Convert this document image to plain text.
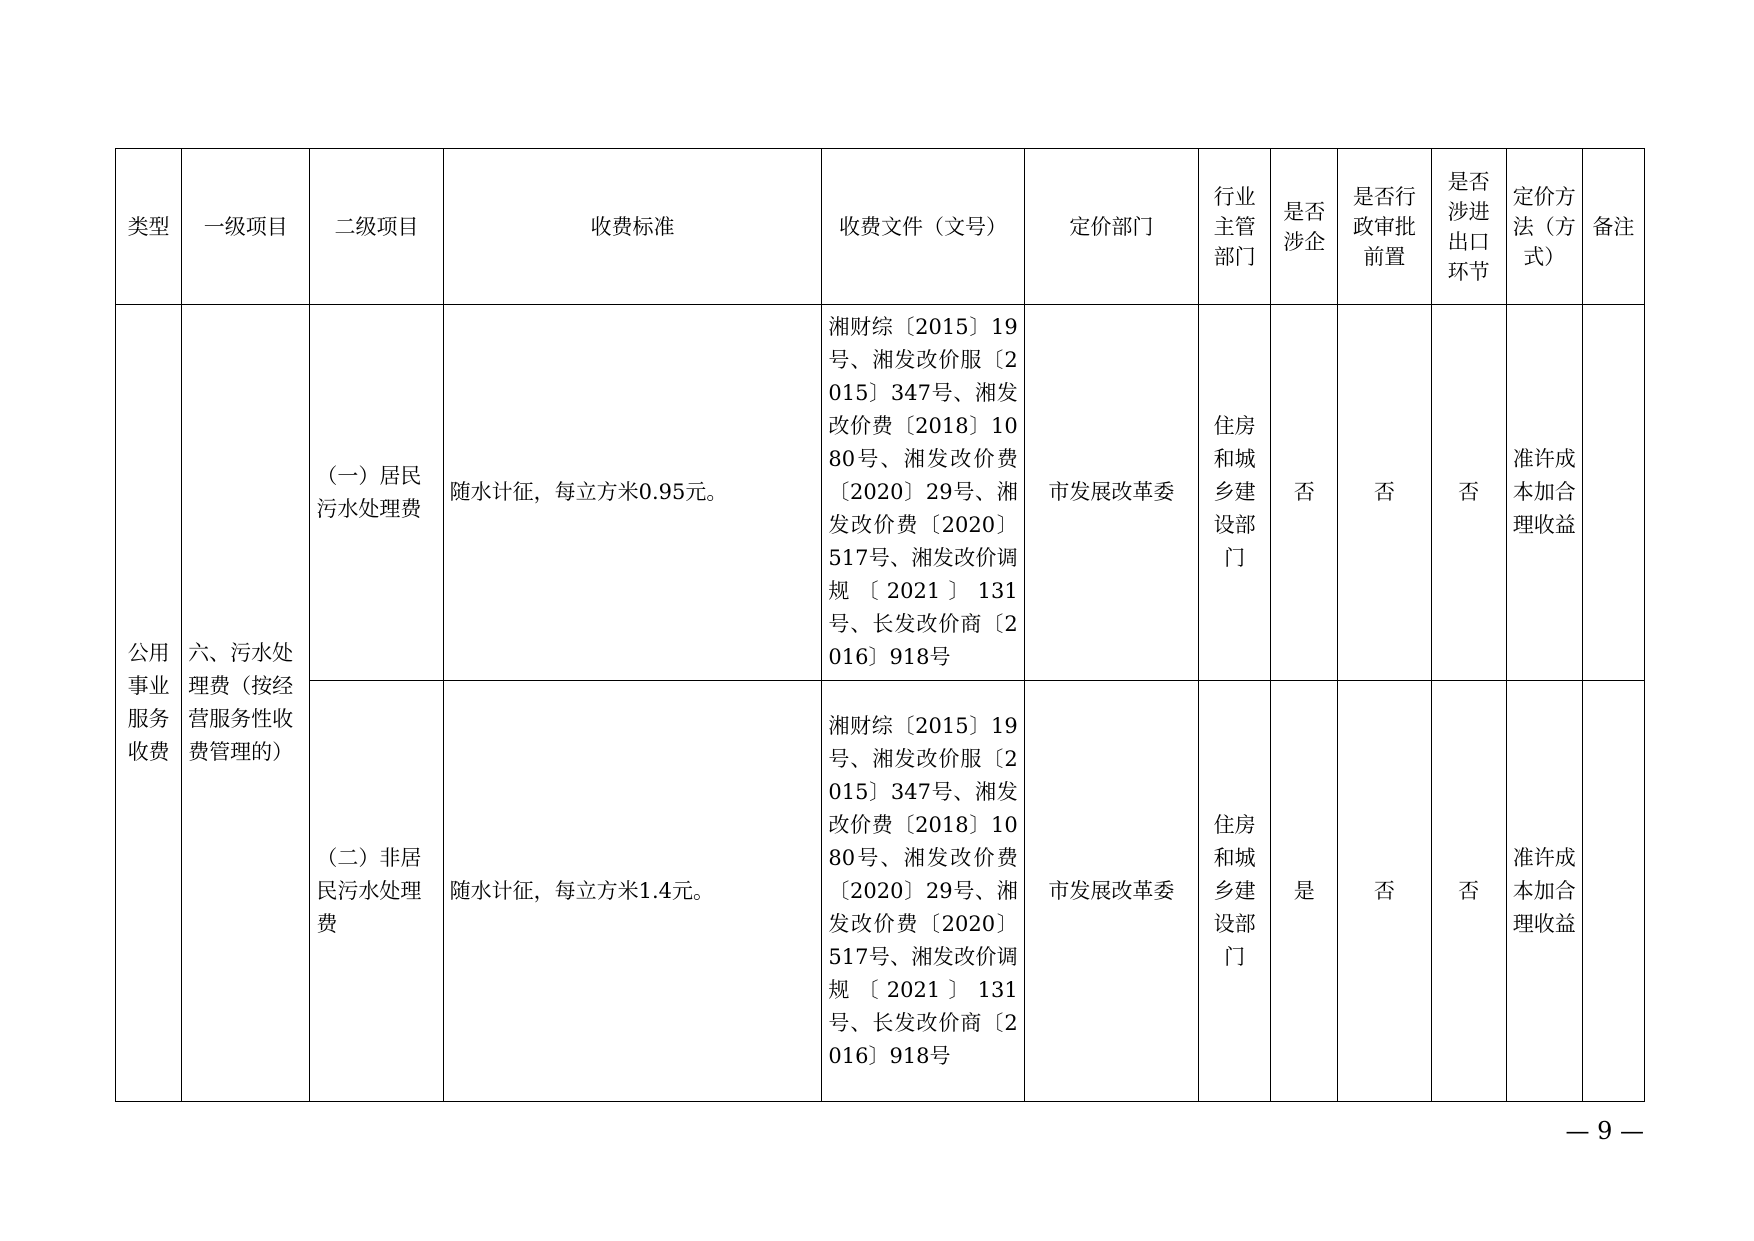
类型	一级项目	二级项目	收费标准	收费文件（文号）	定价部门	行业主管部门	是否涉企	是否行政审批前置	是否涉进出口环节	定价方法（方式）	备注
公用事业服务收费	六、污水处理费（按经营服务性收费管理的）	（一）居民污水处理费	随水计征，每立方米0.95元。	湘财综〔2015〕19号、湘发改价服〔2015〕347号、湘发改价费〔2018〕1080号、湘发改价费〔2020〕29号、湘发改价费〔2020〕517号、湘发改价调规〔2021〕131号、长发改价商〔2016〕918号	市发展改革委	住房和城乡建设部门	否	否	否	准许成本加合理收益	
		（二）非居民污水处理费	随水计征，每立方米1.4元。	湘财综〔2015〕19号、湘发改价服〔2015〕347号、湘发改价费〔2018〕1080号、湘发改价费〔2020〕29号、湘发改价费〔2020〕517号、湘发改价调规〔2021〕131号、长发改价商〔2016〕918号	市发展改革委	住房和城乡建设部门	是	否	否	准许成本加合理收益	
— 9 —
